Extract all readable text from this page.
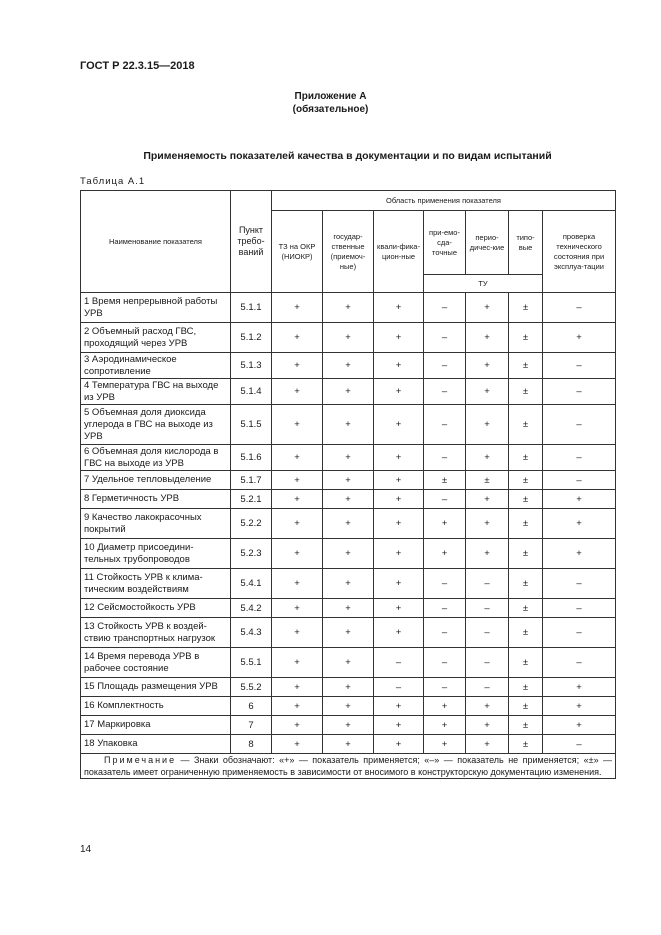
ГОСТ Р 22.3.15—2018
Приложение А
(обязательное)
Применяемость показателей качества в документации и по видам испытаний
Таблица А.1
Наименование показателя	Пункт требо-ваний	Область применения показателя						
		ТЗ на ОКР (НИОКР)	государ-ственные (приемоч-ные)	квали-фика-цион-ные	при-емо-сда-точные	перио-дичес-кие	типо-вые	проверка технического состояния при эксплуа-тации
					ТУ			
1 Время непрерывной работы УРВ	5.1.1	+	+	+	–	+	±	–
2 Объемный расход ГВС, проходящий через УРВ	5.1.2	+	+	+	–	+	±	+
3 Аэродинамическое сопротивление	5.1.3	+	+	+	–	+	±	–
4 Температура ГВС на выходе из УРВ	5.1.4	+	+	+	–	+	±	–
5 Объемная доля диоксида углерода в ГВС на выходе из УРВ	5.1.5	+	+	+	–	+	±	–
6 Объемная доля кислорода в ГВС на выходе из УРВ	5.1.6	+	+	+	–	+	±	–
7 Удельное тепловыделение	5.1.7	+	+	+	±	±	±	–
8 Герметичность УРВ	5.2.1	+	+	+	–	+	±	+
9 Качество лакокрасочных покрытий	5.2.2	+	+	+	+	+	±	+
10 Диаметр присоедини-тельных трубопроводов	5.2.3	+	+	+	+	+	±	+
11 Стойкость УРВ к клима-тическим воздействиям	5.4.1	+	+	+	–	–	±	–
12 Сейсмостойкость УРВ	5.4.2	+	+	+	–	–	±	–
13 Стойкость УРВ к воздей-ствию транспортных нагрузок	5.4.3	+	+	+	–	–	±	–
14 Время перевода УРВ в рабочее состояние	5.5.1	+	+	–	–	–	±	–
15 Площадь размещения УРВ	5.5.2	+	+	–	–	–	±	+
16 Комплектность	6	+	+	+	+	+	±	+
17 Маркировка	7	+	+	+	+	+	±	+
18 Упаковка	8	+	+	+	+	+	±	–
Примечание — Знаки обозначают: «+» — показатель применяется; «–» — показатель не применяется; «±» — показатель имеет ограниченную применяемость в зависимости от вносимого в конструкторскую документацию изменения.								
14
